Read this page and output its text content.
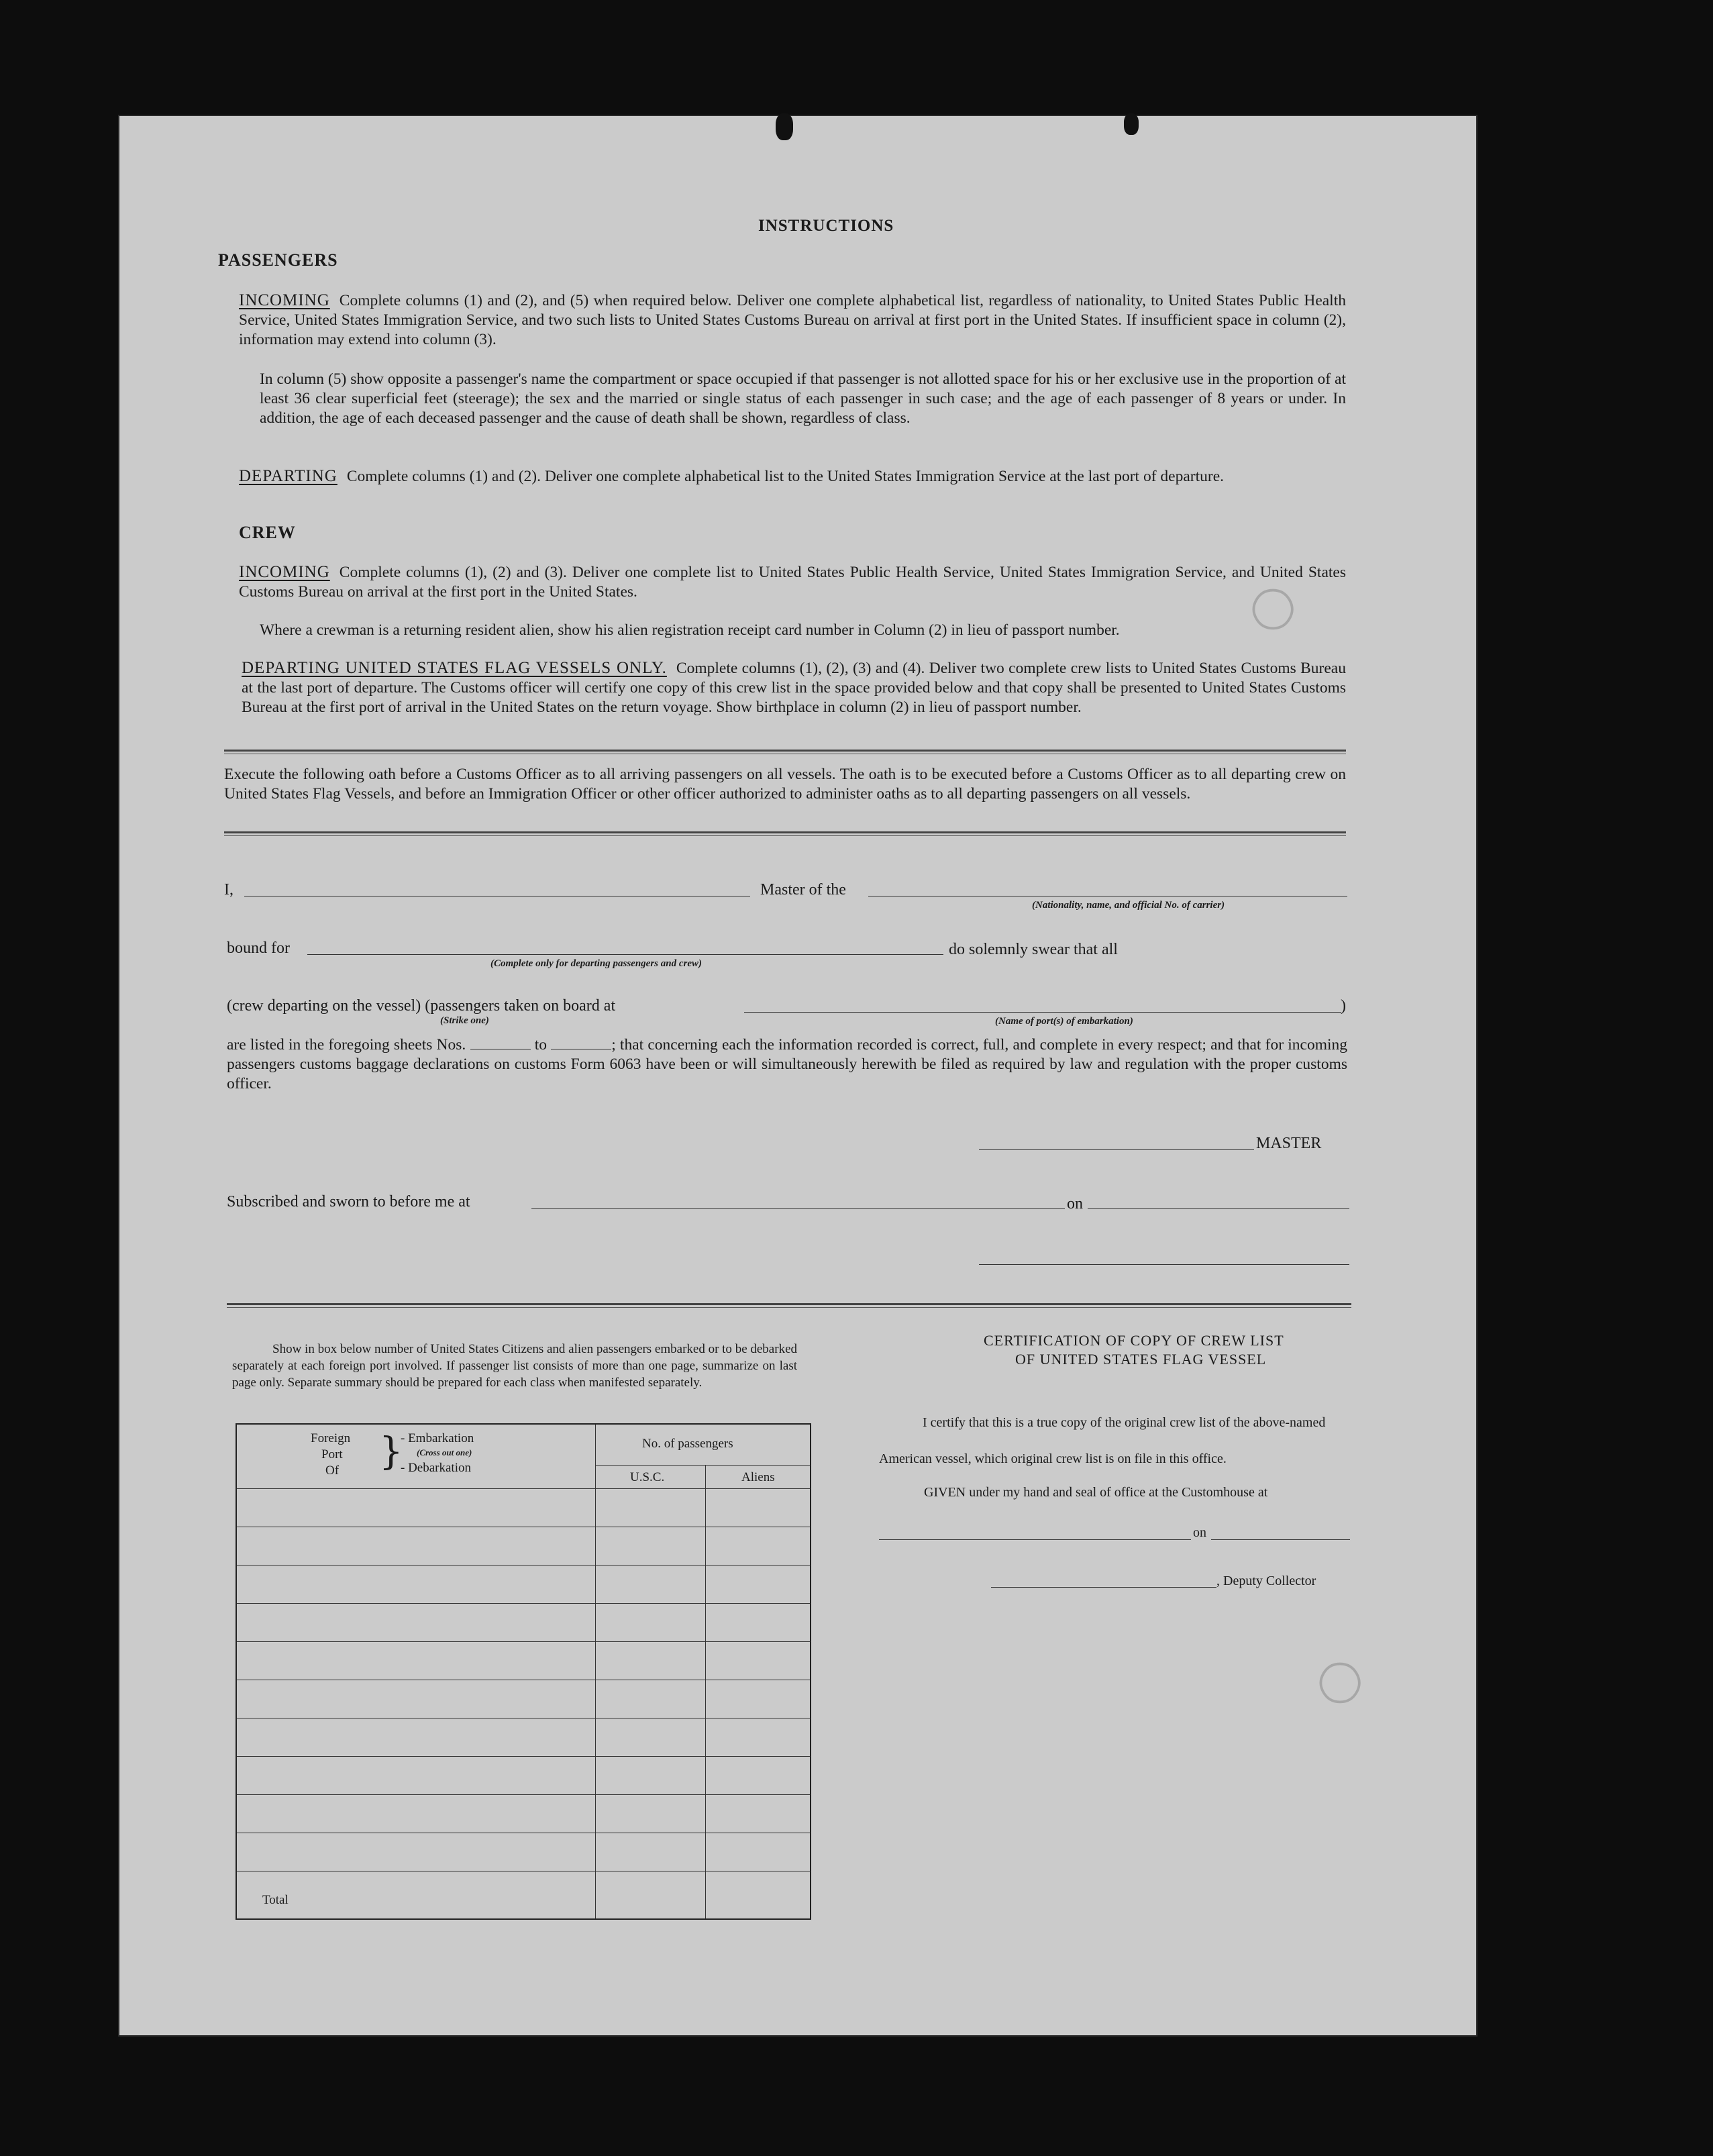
◯
◯
INSTRUCTIONS
PASSENGERS
INCOMING Complete columns (1) and (2), and (5) when required below. Deliver one complete alphabetical list, regardless of nationality, to United States Public Health Service, United States Immigration Service, and two such lists to United States Customs Bureau on arrival at first port in the United States. If insufficient space in column (2), information may extend into column (3).
In column (5) show opposite a passenger's name the compartment or space occupied if that passenger is not allotted space for his or her exclusive use in the proportion of at least 36 clear superficial feet (steerage); the sex and the married or single status of each passenger in such case; and the age of each passenger of 8 years or under. In addition, the age of each deceased passenger and the cause of death shall be shown, regardless of class.
DEPARTING Complete columns (1) and (2). Deliver one complete alphabetical list to the United States Immigration Service at the last port of departure.
CREW
INCOMING Complete columns (1), (2) and (3). Deliver one complete list to United States Public Health Service, United States Immigration Service, and United States Customs Bureau on arrival at the first port in the United States.
Where a crewman is a returning resident alien, show his alien registration receipt card number in Column (2) in lieu of passport number.
DEPARTING UNITED STATES FLAG VESSELS ONLY. Complete columns (1), (2), (3) and (4). Deliver two complete crew lists to United States Customs Bureau at the last port of departure. The Customs officer will certify one copy of this crew list in the space provided below and that copy shall be presented to United States Customs Bureau at the first port of arrival in the United States on the return voyage. Show birthplace in column (2) in lieu of passport number.
Execute the following oath before a Customs Officer as to all arriving passengers on all vessels. The oath is to be executed before a Customs Officer as to all departing crew on United States Flag Vessels, and before an Immigration Officer or other officer authorized to administer oaths as to all departing passengers on all vessels.
I,	Master of the
(Nationality, name, and official No. of carrier)
bound for
(Complete only for departing passengers and crew)
do solemnly swear that all
(crew departing on the vessel) (passengers taken on board at
(Strike one)
)
(Name of port(s) of embarkation)
are listed in the foregoing sheets Nos.	to	; that concerning each the information recorded is correct, full, and complete in every respect; and that for incoming passengers customs baggage declarations on customs Form 6063 have been or will simultaneously herewith be filed as required by law and regulation with the proper customs officer.
MASTER
Subscribed and sworn to before me at	on
Show in box below number of United States Citizens and alien passengers embarked or to be debarked separately at each foreign port involved. If passenger list consists of more than one page, summarize on last page only. Separate summary should be prepared for each class when manifested separately.
Foreign
Port
Of }
- Embarkation
(Cross out one)
- Debarkation
No. of passengers
U.S.C.	Aliens
Total
CERTIFICATION OF COPY OF CREW LIST
OF UNITED STATES FLAG VESSEL
I certify that this is a true copy of the original crew list of the above-named
American vessel, which original crew list is on file in this office.
GIVEN under my hand and seal of office at the Customhouse at
on
, Deputy Collector
